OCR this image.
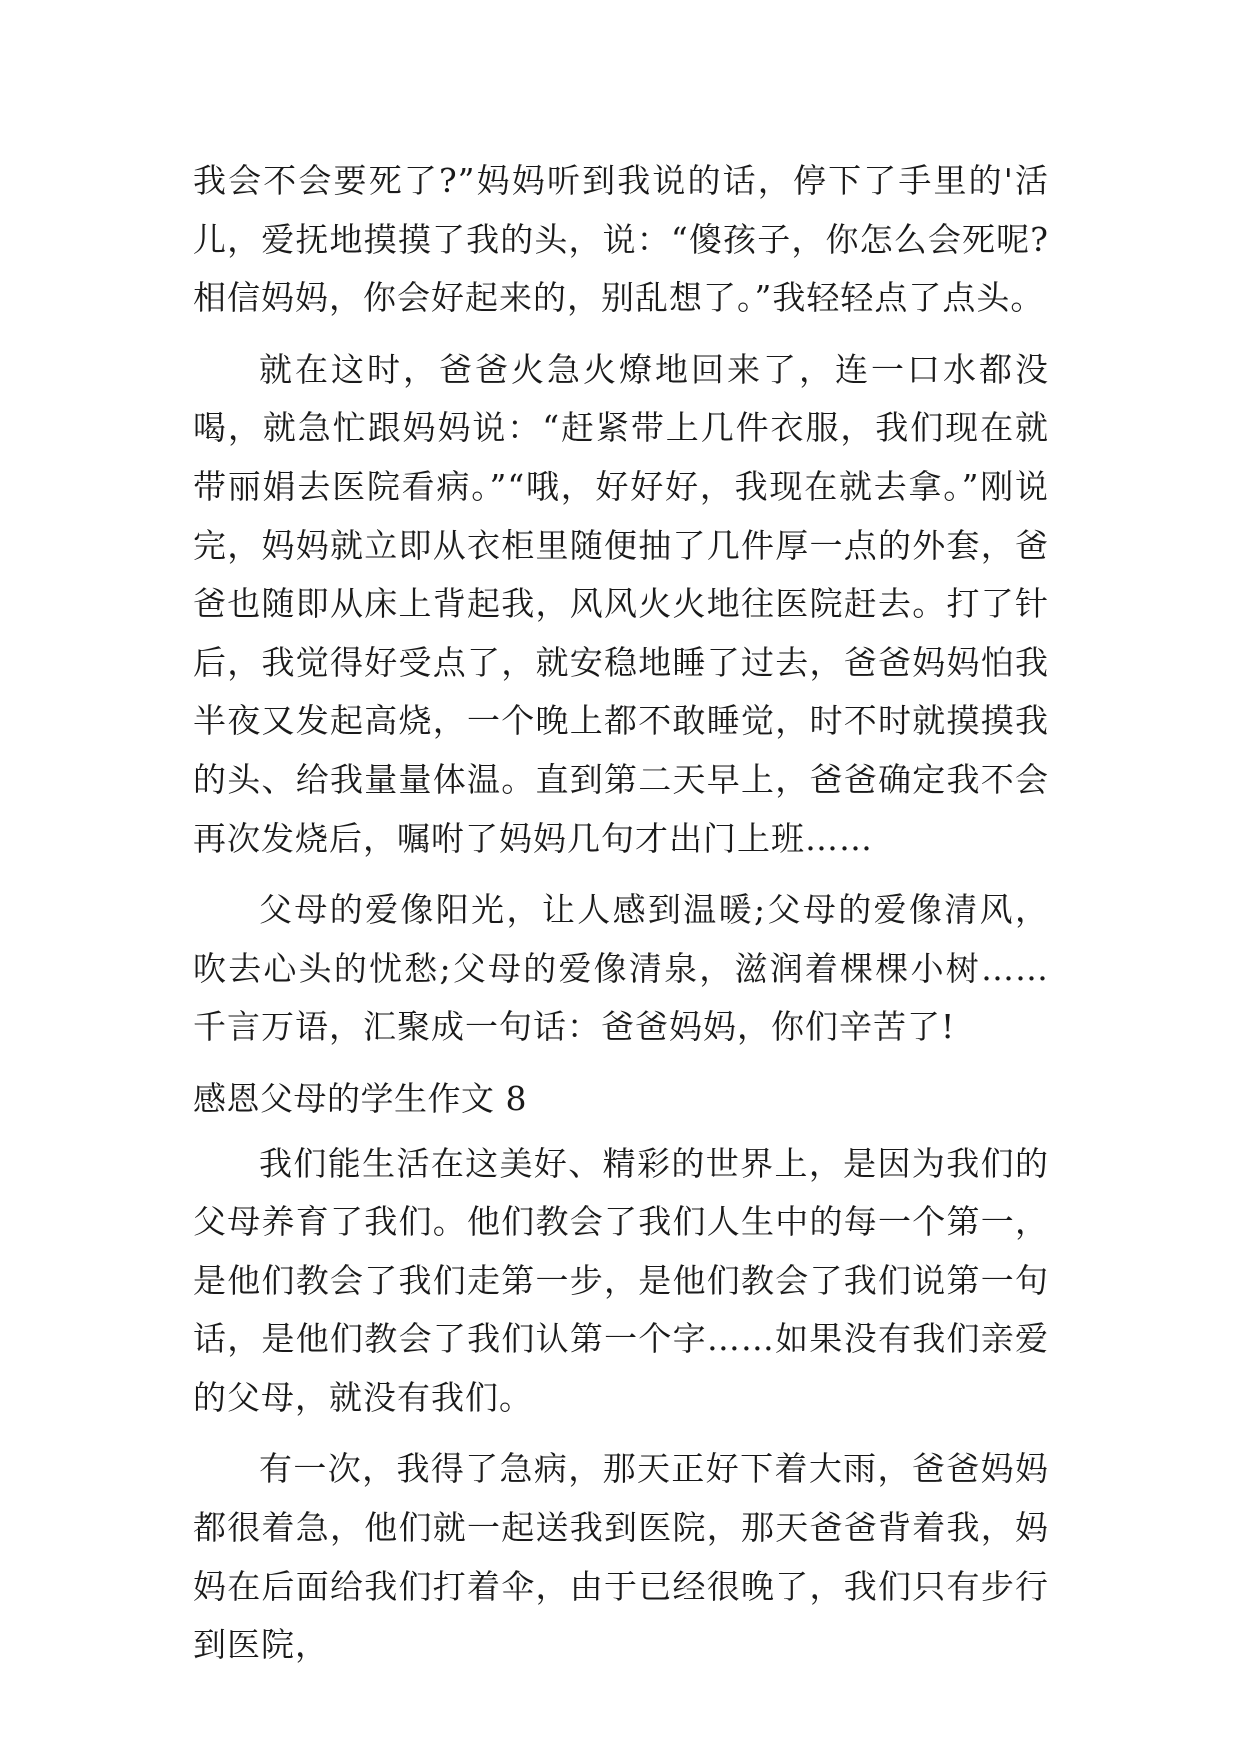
我会不会要死了?”妈妈听到我说的话，停下了手里的'活儿，爱抚地摸摸了我的头，说：“傻孩子，你怎么会死呢?相信妈妈，你会好起来的，别乱想了。”我轻轻点了点头。

就在这时，爸爸火急火燎地回来了，连一口水都没喝，就急忙跟妈妈说：“赶紧带上几件衣服，我们现在就带丽娟去医院看病。”“哦，好好好，我现在就去拿。”刚说完，妈妈就立即从衣柜里随便抽了几件厚一点的外套，爸爸也随即从床上背起我，风风火火地往医院赶去。打了针后，我觉得好受点了，就安稳地睡了过去，爸爸妈妈怕我半夜又发起高烧，一个晚上都不敢睡觉，时不时就摸摸我的头、给我量量体温。直到第二天早上，爸爸确定我不会再次发烧后，嘱咐了妈妈几句才出门上班……

父母的爱像阳光，让人感到温暖;父母的爱像清风，吹去心头的忧愁;父母的爱像清泉，滋润着棵棵小树……千言万语，汇聚成一句话：爸爸妈妈，你们辛苦了!

感恩父母的学生作文 8

我们能生活在这美好、精彩的世界上，是因为我们的父母养育了我们。他们教会了我们人生中的每一个第一，是他们教会了我们走第一步，是他们教会了我们说第一句话，是他们教会了我们认第一个字……如果没有我们亲爱的父母，就没有我们。

有一次，我得了急病，那天正好下着大雨，爸爸妈妈都很着急，他们就一起送我到医院，那天爸爸背着我，妈妈在后面给我们打着伞，由于已经很晚了，我们只有步行到医院，
